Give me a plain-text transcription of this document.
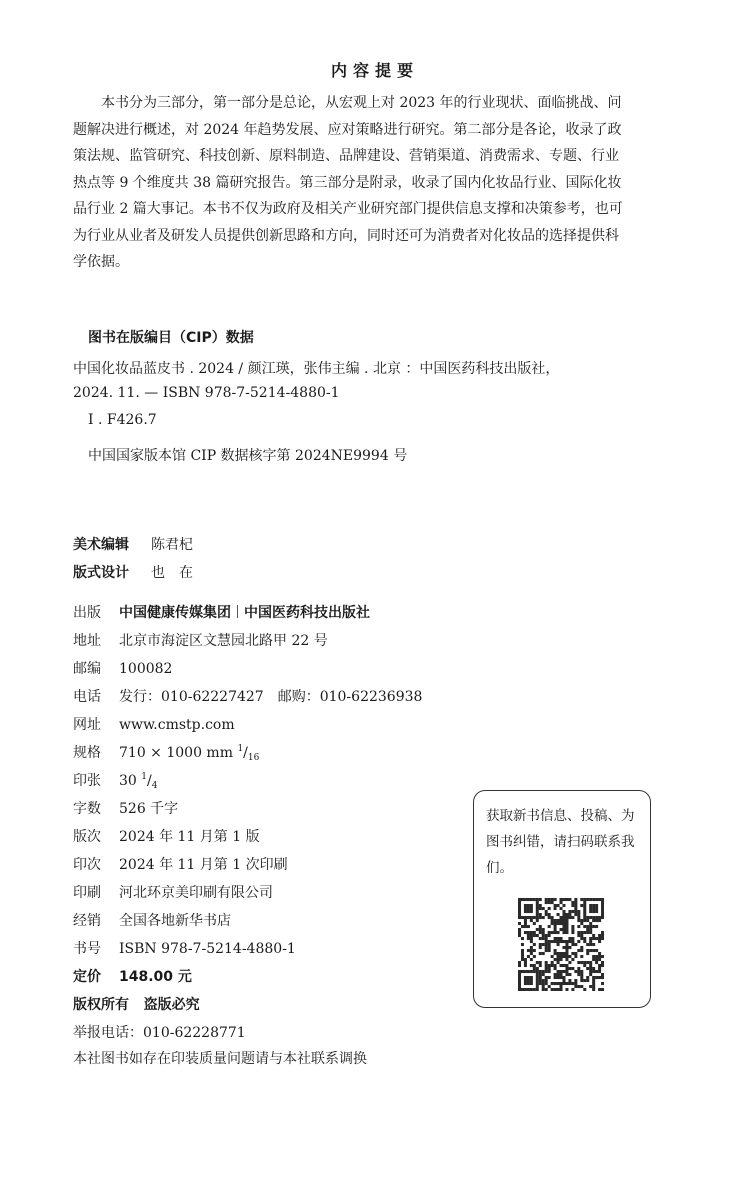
内容提要
本书分为三部分，第一部分是总论，从宏观上对 2023 年的行业现状、面临挑战、问
题解决进行概述，对 2024 年趋势发展、应对策略进行研究。第二部分是各论，收录了政
策法规、监管研究、科技创新、原料制造、品牌建设、营销渠道、消费需求、专题、行业
热点等 9 个维度共 38 篇研究报告。第三部分是附录，收录了国内化妆品行业、国际化妆
品行业 2 篇大事记。本书不仅为政府及相关产业研究部门提供信息支撑和决策参考，也可
为行业从业者及研发人员提供创新思路和方向，同时还可为消费者对化妆品的选择提供科
学依据。
图书在版编目（CIP）数据
中国化妆品蓝皮书 . 2024 / 颜江瑛，张伟主编 . 北京 ：中国医药科技出版社，
2024. 11. — ISBN 978-7-5214-4880-1
Ⅰ . F426.7
中国国家版本馆 CIP 数据核字第 2024NE9994 号
美术编辑 陈君杞
版式设计 也　在
出版 中国健康传媒集团 中国医药科技出版社
地址 北京市海淀区文慧园北路甲 22 号
邮编 100082
电话 发行：010-62227427　邮购：010-62236938
网址 www.cmstp.com
规格 710 × 1000 mm $^1/_{16}$
印张 30 $^1/_4$
字数 526 千字
版次 2024 年 11 月第 1 版
印次 2024 年 11 月第 1 次印刷
印刷 河北环京美印刷有限公司
经销 全国各地新华书店
书号 ISBN 978-7-5214-4880-1
定价 148.00 元
版权所有 盗版必究
举报电话：010-62228771
本社图书如存在印装质量问题请与本社联系调换
获取新书信息、投稿、为图书纠错，请扫码联系我们。
